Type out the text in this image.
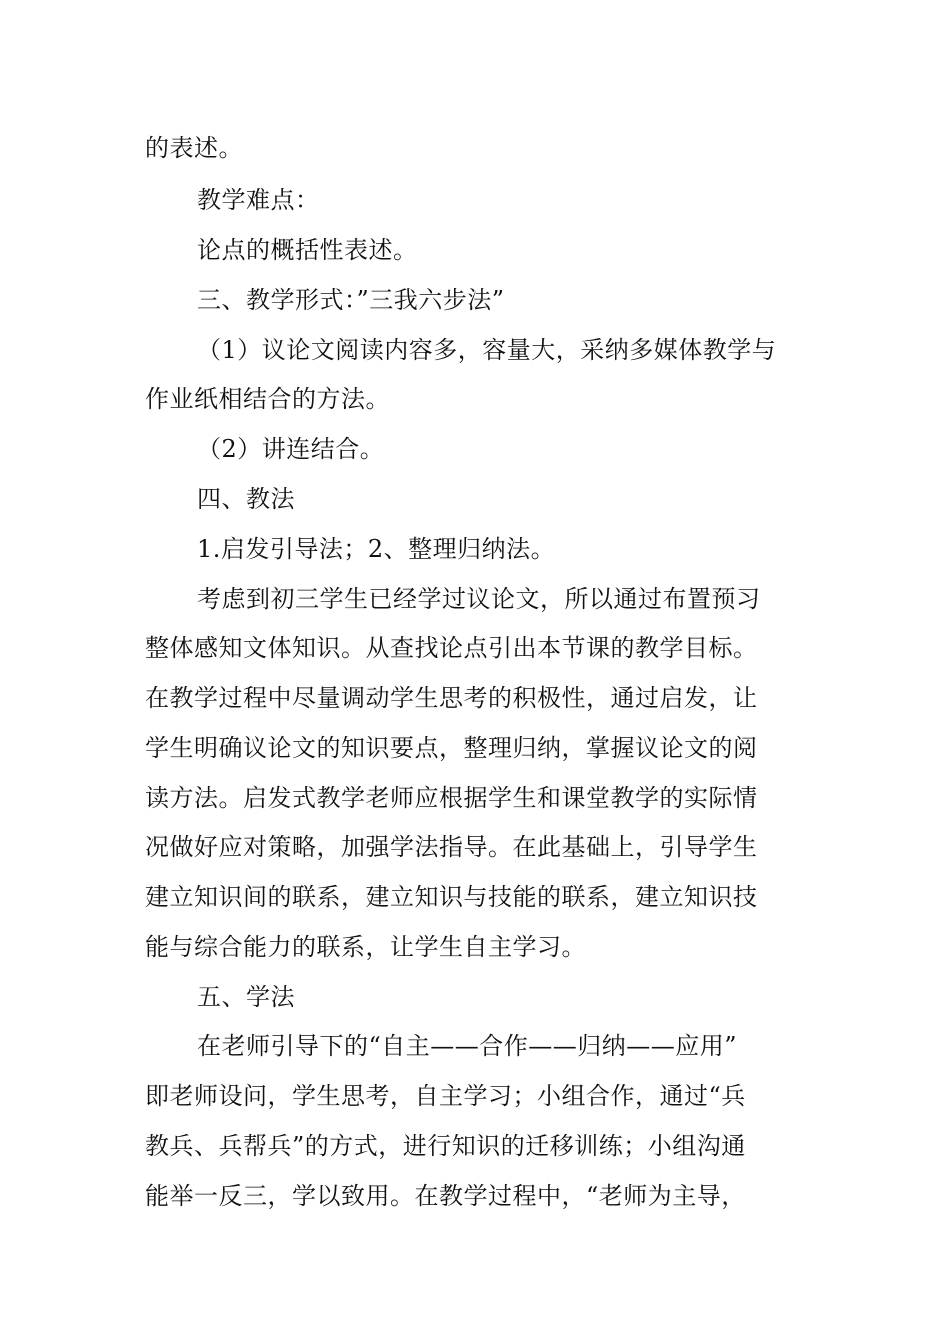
的表述。
教学难点：
论点的概括性表述。
三、教学形式：”三我六步法”
（1）议论文阅读内容多，容量大，采纳多媒体教学与
作业纸相结合的方法。
（2）讲连结合。
四、教法
1.启发引导法；2、整理归纳法。
考虑到初三学生已经学过议论文，所以通过布置预习
整体感知文体知识。从查找论点引出本节课的教学目标。
在教学过程中尽量调动学生思考的积极性，通过启发，让
学生明确议论文的知识要点，整理归纳，掌握议论文的阅
读方法。启发式教学老师应根据学生和课堂教学的实际情
况做好应对策略，加强学法指导。在此基础上，引导学生
建立知识间的联系，建立知识与技能的联系，建立知识技
能与综合能力的联系，让学生自主学习。
五、学法
在老师引导下的“自主——合作——归纳——应用”
即老师设问，学生思考，自主学习；小组合作，通过“兵
教兵、兵帮兵”的方式，进行知识的迁移训练；小组沟通
能举一反三，学以致用。在教学过程中，“老师为主导，
